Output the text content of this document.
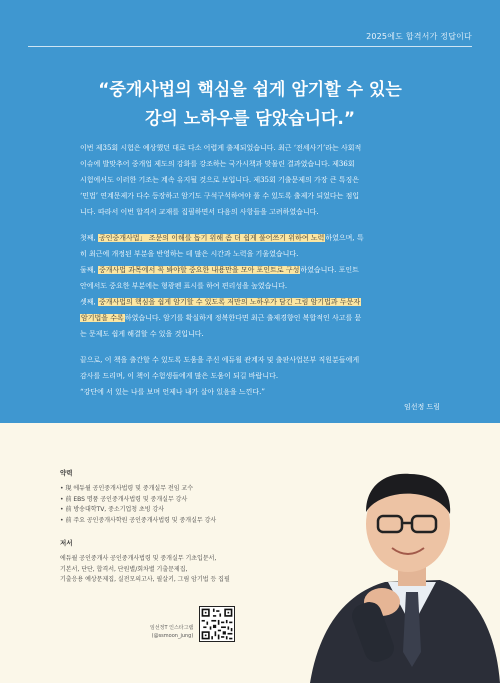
2025에도 합격서가 정답이다
“중개사법의 핵심을 쉽게 암기할 수 있는
강의 노하우를 담았습니다.”
이번 제35회 시험은 예상했던 대로 다소 어렵게 출제되었습니다. 최근 ‘전세사기’라는 사회적
이슈에 발맞추어 중개업 제도의 강화를 강조하는 국가시책과 맞물린 결과였습니다. 제36회
시험에서도 이러한 기조는 계속 유지될 것으로 보입니다. 제35회 기출문제의 가장 큰 특징은
‘민법’ 연계문제가 다수 등장하고 암기도 구석구석하여야 풀 수 있도록 출제가 되었다는 점입
니다. 따라서 이번 합격서 교재를 집필하면서 다음의 사항들을 고려하였습니다.
첫째, 공인중개사법」 조문의 이해를 돕기 위해 좀 더 쉽게 풀어쓰기 위하여 노력하였으며, 특
히 최근에 개정된 부분을 반영하는 데 많은 시간과 노력을 기울였습니다.
둘째, 중개사법 과목에서 꼭 봐야할 중요한 내용만을 모아 포인트로 구성하였습니다. 포인트
안에서도 중요한 부분에는 형광펜 표시를 하여 편리성을 높였습니다.
셋째, 중개사법의 핵심을 쉽게 암기할 수 있도록 저만의 노하우가 담긴 그림 암기법과 두문자
암기법을 수록하였습니다. 암기를 확실하게 정복한다면 최근 출제경향인 복합적인 사고를 묻
는 문제도 쉽게 해결할 수 있을 것입니다.
끝으로, 이 책을 출간할 수 있도록 도움을 주신 에듀윌 관계자 및 출판사업본부 직원분들에게
감사를 드리며, 이 책이 수험생들에게 많은 도움이 되길 바랍니다.
“강단에 서 있는 나를 보며 언제나 내가 살아 있음을 느낀다.”
임선정 드림
약력
• 現 에듀윌 공인중개사법령 및 중개실무 전임 교수
• 前 EBS 명품 공인중개사법령 및 중개실무 강사
• 前 방송대학TV, 중소기업청 초빙 강사
• 前 주요 공인중개사학원 공인중개사법령 및 중개실무 강사
저서
에듀윌 공인중개사 공인중개사법령 및 중개실무 기초입문서,
기본서, 단단, 합격서, 단원별/회차별 기출문제집,
기출응용 예상문제집, 실전모의고사, 필살키, 그림 암기법 등 집필
임선정T 인스타그램
(@ssmoon_jung)
